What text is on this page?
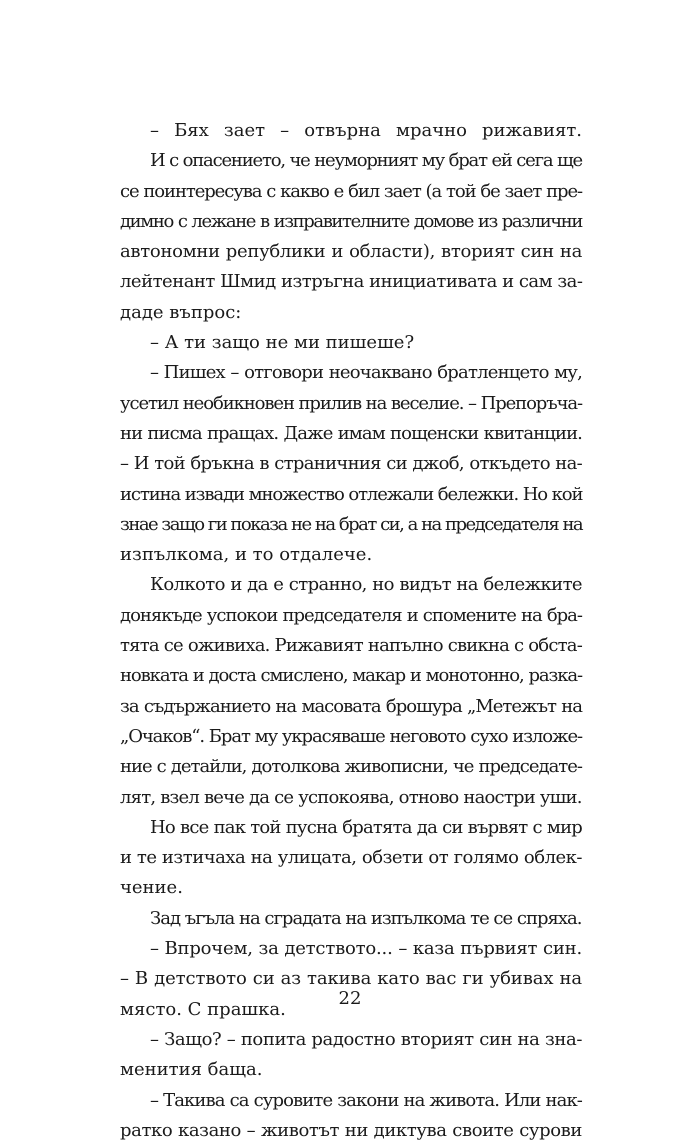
– Бях зает – отвърна мрачно рижавият.
И с опасението, че неуморният му брат ей сега ще
се поинтересува с какво е бил зает (а той бе зает пре-
димно с лежане в изправителните домове из различни
автономни републики и области), вторият син на
лейтенант Шмид изтръгна инициативата и сам за-
даде въпрос:
– А ти защо не ми пишеше?
– Пишех – отговори неочаквано братленцето му,
усетил необикновен прилив на веселие. – Препоръча-
ни писма пращах. Даже имам пощенски квитанции.
– И той бръкна в страничния си джоб, откъдето на-
истина извади множество отлежали бележки. Но кой
знае защо ги показа не на брат си, а на председателя на
изпълкома, и то отдалече.
Колкото и да е странно, но видът на бележките
донякъде успокои председателя и спомените на бра-
тята се оживиха. Рижавият напълно свикна с обста-
новката и доста смислено, макар и монотонно, разка-
за съдържанието на масовата брошура „Метежът на
„Очаков“. Брат му украсяваше неговото сухо изложе-
ние с детайли, дотолкова живописни, че председате-
лят, взел вече да се успокоява, отново наостри уши.
Но все пак той пусна братята да си вървят с мир
и те изтичаха на улицата, обзети от голямо облек-
чение.
Зад ъгъла на сградата на изпълкома те се спряха.
– Впрочем, за детството... – каза първият син.
– В детството си аз такива като вас ги убивах на
място. С прашка.
– Защо? – попита радостно вторият син на зна-
менития баща.
– Такива са суровите закони на живота. Или нак-
ратко казано – животът ни диктува своите сурови
22
